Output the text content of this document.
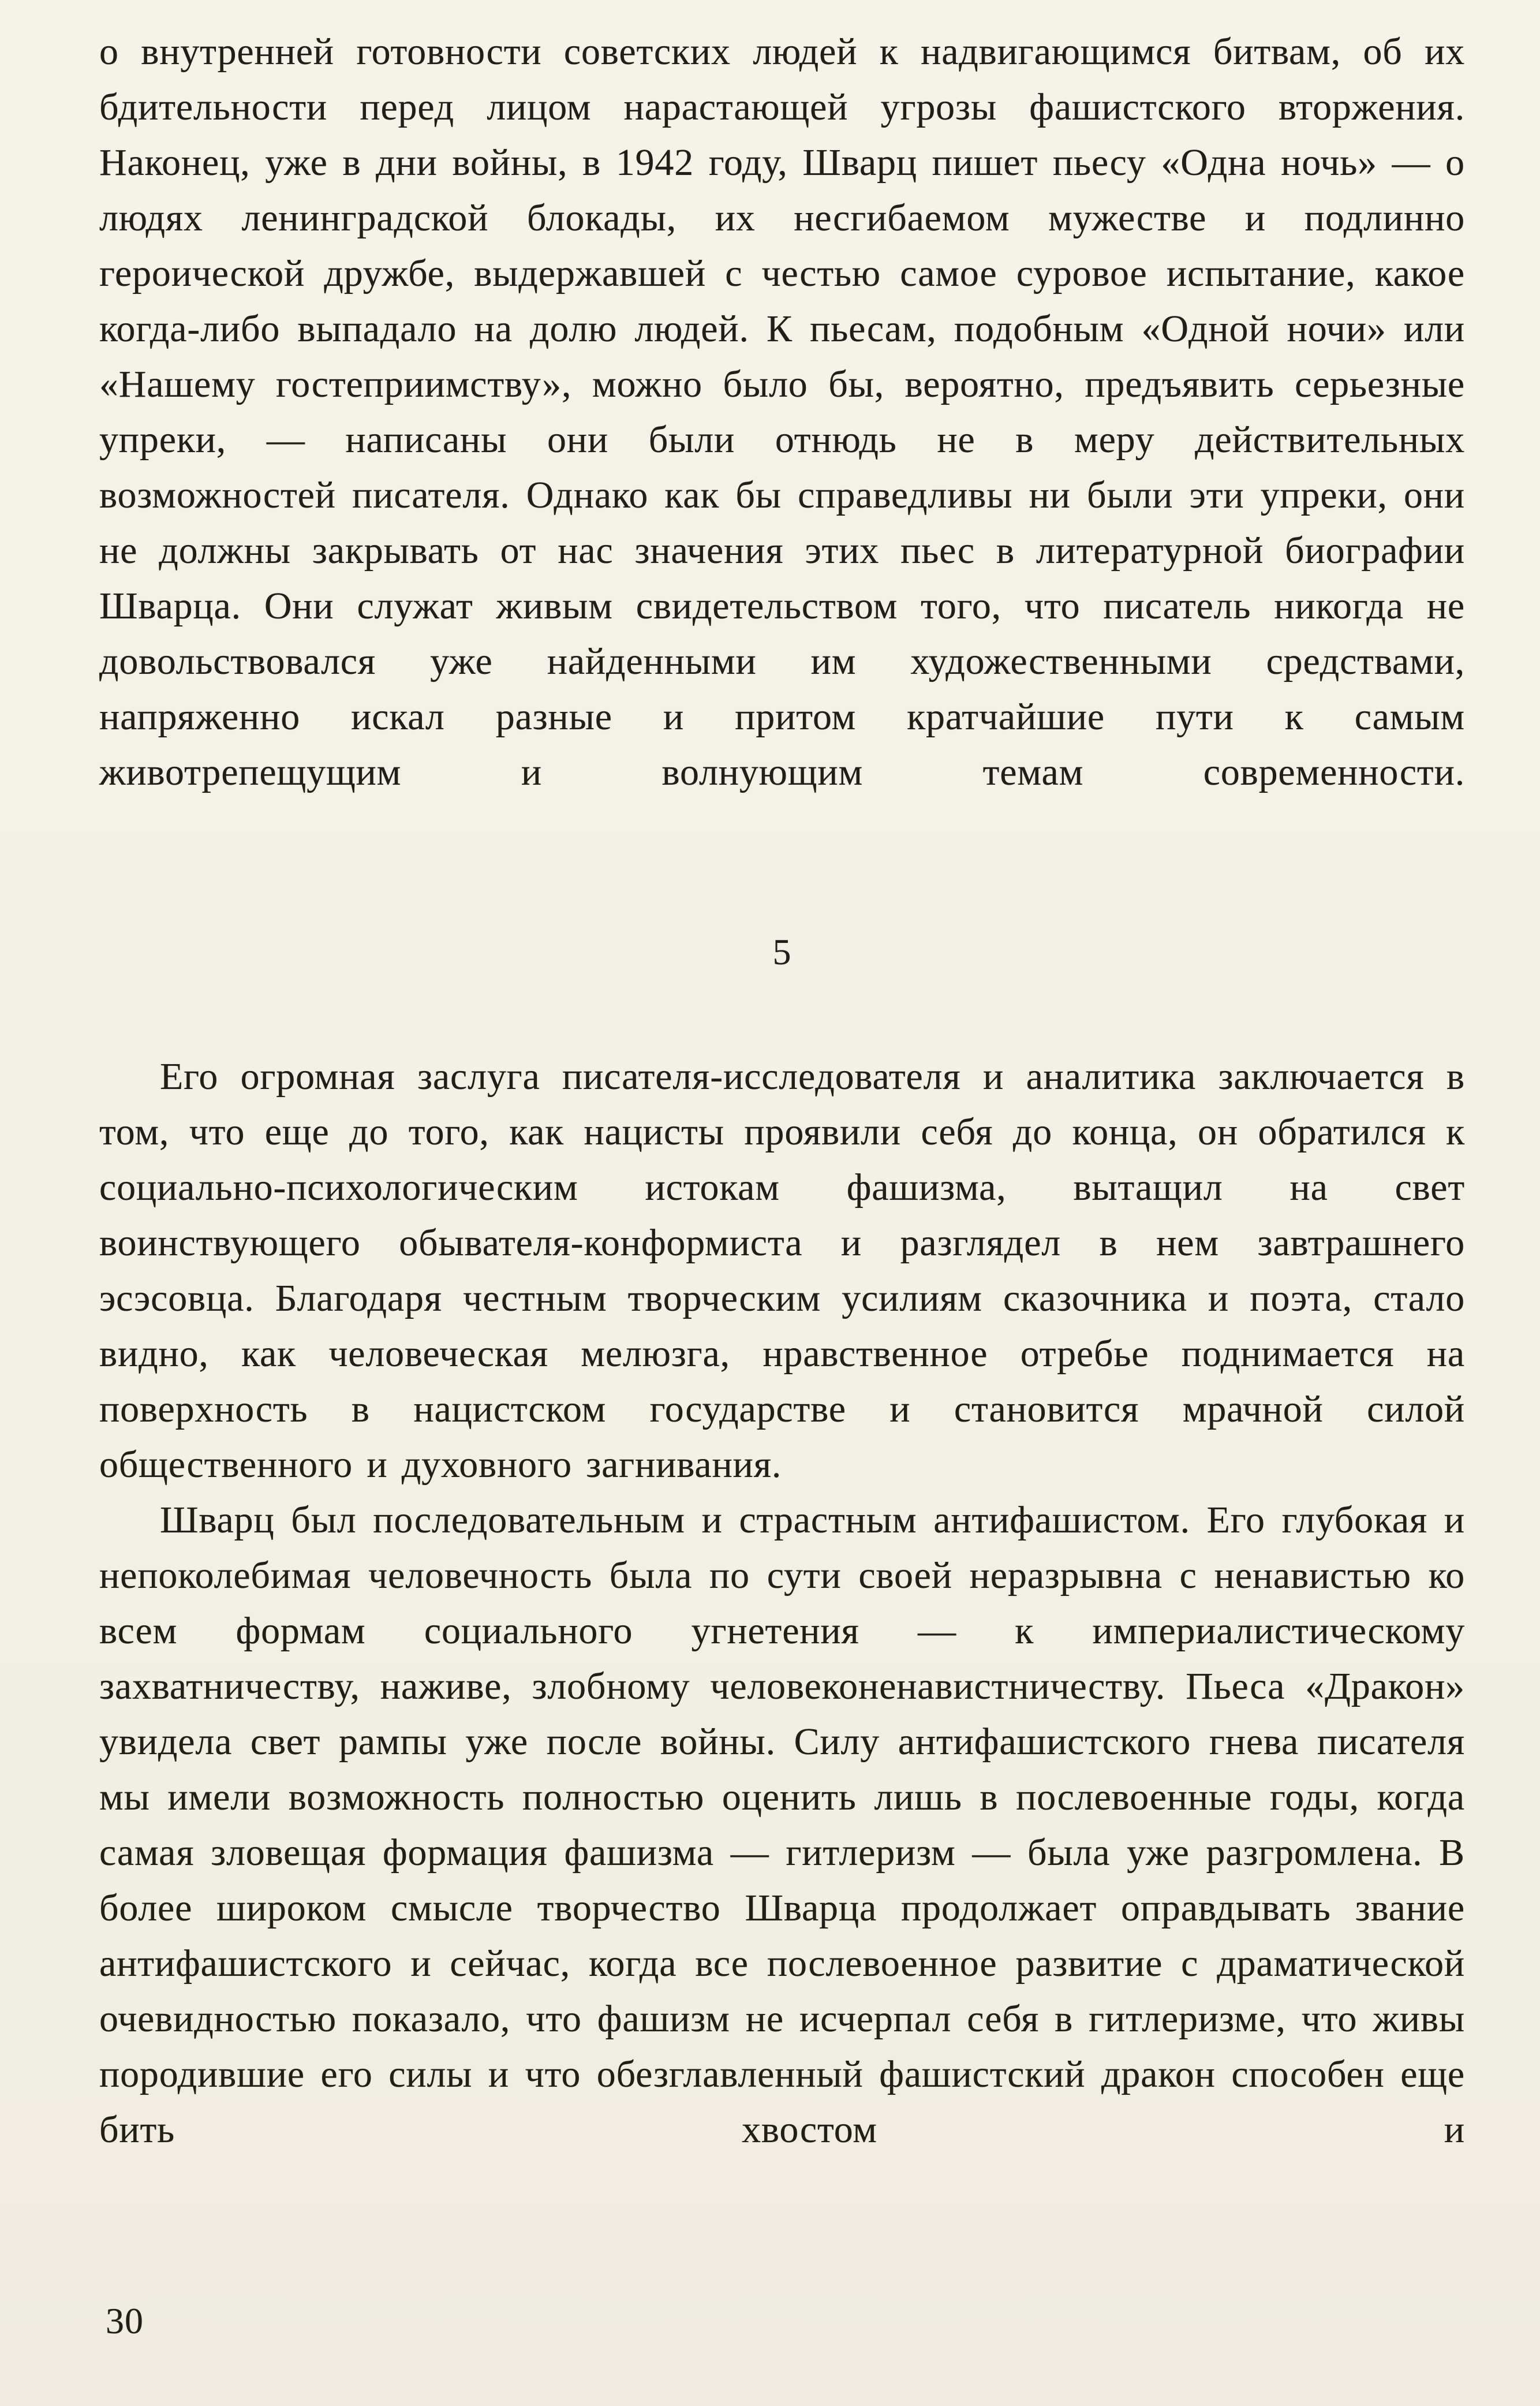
о внутренней готовности советских людей к надвигающимся битвам, об их бдительности перед лицом нарастающей угрозы фашистского вторжения. Наконец, уже в дни войны, в 1942 году, Шварц пишет пьесу «Одна ночь» — о людях ленинградской блокады, их несгибаемом мужестве и подлинно героической дружбе, выдержавшей с честью самое суровое испытание, какое когда-либо выпадало на долю людей. К пьесам, подобным «Одной ночи» или «Нашему гостеприимству», можно было бы, вероятно, предъявить серьезные упреки, — написаны они были отнюдь не в меру действительных возможностей писателя. Однако как бы справедливы ни были эти упреки, они не должны закрывать от нас значения этих пьес в литературной биографии Шварца. Они служат живым свидетельством того, что писатель никогда не довольствовался уже найденными им художественными средствами, напряженно искал разные и притом кратчайшие пути к самым животрепещущим и волнующим темам современности.

5

Его огромная заслуга писателя-исследователя и аналитика заключается в том, что еще до того, как нацисты проявили себя до конца, он обратился к социально-психологическим истокам фашизма, вытащил на свет воинствующего обывателя-конформиста и разглядел в нем завтрашнего эсэсовца. Благодаря честным творческим усилиям сказочника и поэта, стало видно, как человеческая мелюзга, нравственное отребье поднимается на поверхность в нацистском государстве и становится мрачной силой общественного и духовного загнивания.

Шварц был последовательным и страстным антифашистом. Его глубокая и непоколебимая человечность была по сути своей неразрывна с ненавистью ко всем формам социального угнетения — к империалистическому захватничеству, наживе, злобному человеконенавистничеству. Пьеса «Дракон» увидела свет рампы уже после войны. Силу антифашистского гнева писателя мы имели возможность полностью оценить лишь в послевоенные годы, когда самая зловещая формация фашизма — гитлеризм — была уже разгромлена. В более широком смысле творчество Шварца продолжает оправдывать звание антифашистского и сейчас, когда все послевоенное развитие с драматической очевидностью показало, что фашизм не исчерпал себя в гитлеризме, что живы породившие его силы и что обезглавленный фашистский дракон способен еще бить хвостом и

30
